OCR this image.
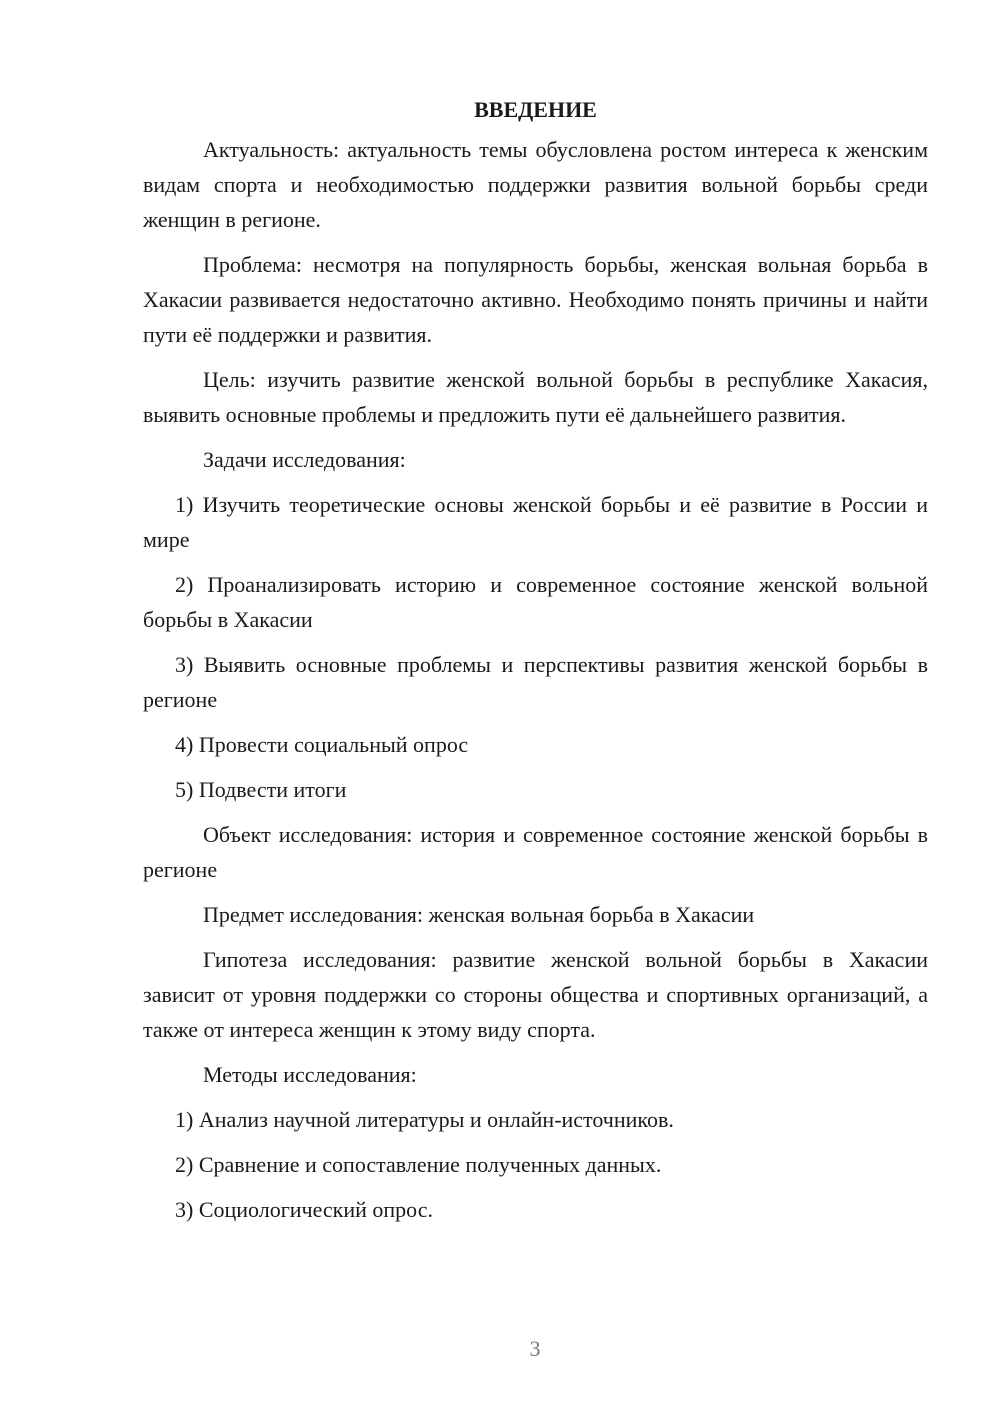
ВВЕДЕНИЕ

Актуальность: актуальность темы обусловлена ростом интереса к женским видам спорта и необходимостью поддержки развития вольной борьбы среди женщин в регионе.

Проблема: несмотря на популярность борьбы, женская вольная борьба в Хакасии развивается недостаточно активно. Необходимо понять причины и найти пути её поддержки и развития.

Цель: изучить развитие женской вольной борьбы в республике Хакасия, выявить основные проблемы и предложить пути её дальнейшего развития.

Задачи исследования:

1) Изучить теоретические основы женской борьбы и её развитие в России и мире

2) Проанализировать историю и современное состояние женской вольной борьбы в Хакасии

3) Выявить основные проблемы и перспективы развития женской борьбы в регионе

4) Провести социальный опрос

5) Подвести итоги

Объект исследования: история и современное состояние женской борьбы в регионе

Предмет исследования: женская вольная борьба в Хакасии

Гипотеза исследования: развитие женской вольной борьбы в Хакасии зависит от уровня поддержки со стороны общества и спортивных организаций, а также от интереса женщин к этому виду спорта.

Методы исследования:

1) Анализ научной литературы и онлайн-источников.

2) Сравнение и сопоставление полученных данных.

3) Социологический опрос.

3
